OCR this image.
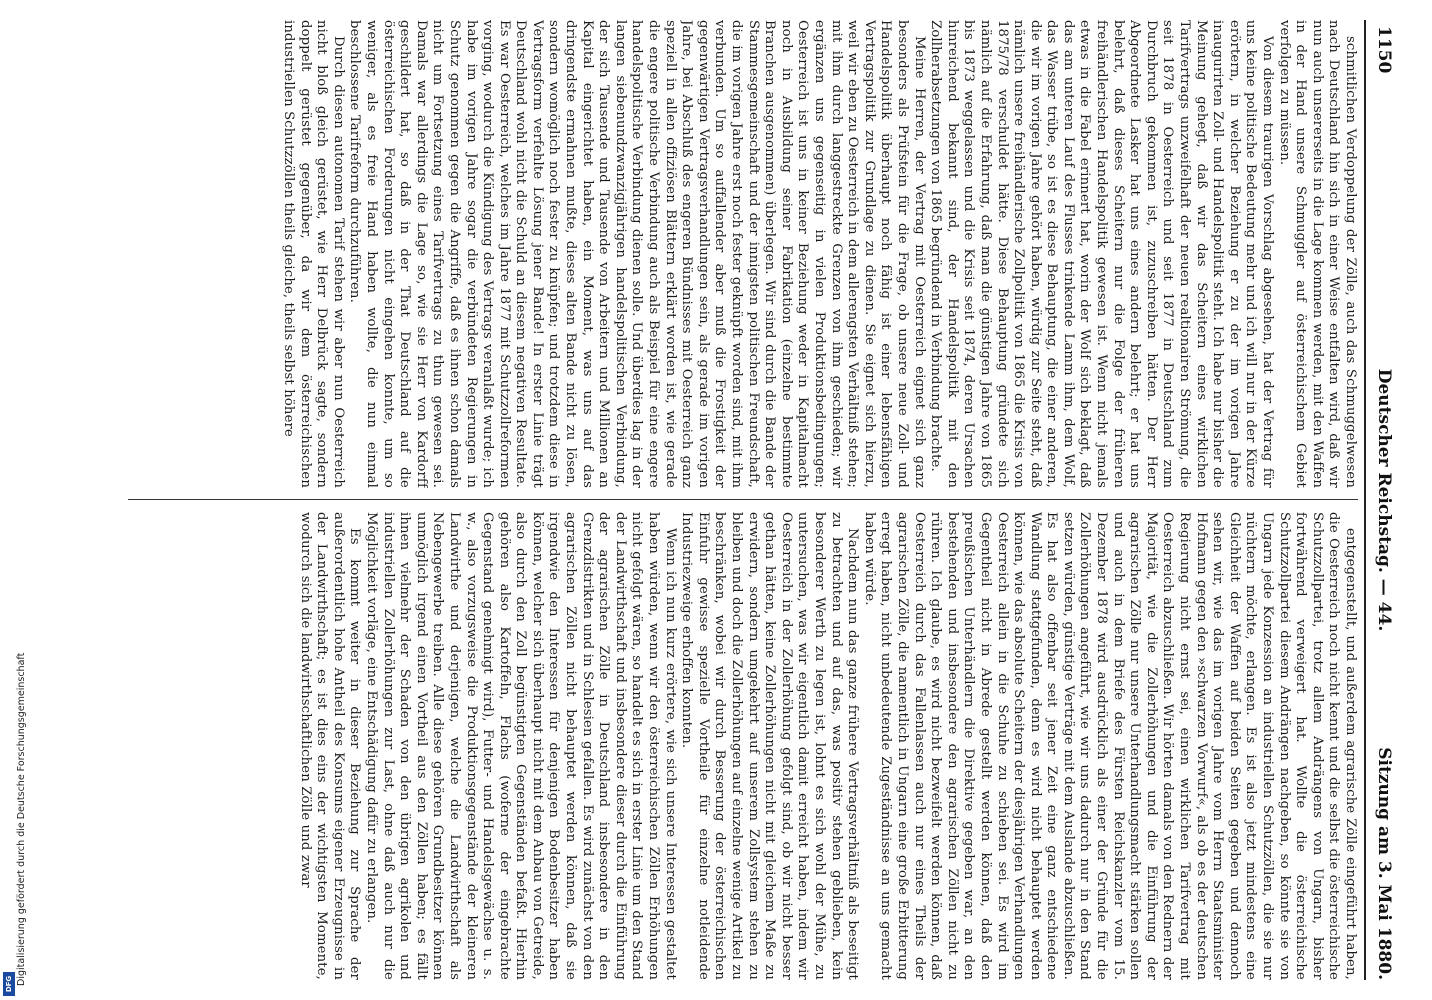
1150
Deutscher Reichstag. — 44.
Sitzung am 3. Mai 1880.

schmitlichen Verdoppelung der Zölle, auch das Schmuggelwesen nach Deutschland hin sich in einer Weise entfalten wird, daß wir nun auch unsererseits in die Lage kommen werden, mit den Waffen in der Hand unsere Schmuggler auf österreichischem Gebiet verfolgen zu müssen.

Von diesem traurigen Vorschlag abgesehen, hat der Vertrag für uns keine politische Bedeutung mehr und ich will nur in der Kürze erörtern, in welcher Beziehung er zu der im vorigen Jahre inaugurirten Zoll- und Handelspolitik steht. Ich habe nur bisher die Meinung gehegt, daß wir das Scheitern eines wirklichen Tarifvertrags unzweifelhaft der neuen realtionairen Strömung, die seit 1878 in Oesterreich und seit 1877 in Deutschland zum Durchbruch gekommen ist, zuzuschreiben hätten. Der Herr Abgeordnete Lasker hat uns eines andern belehrt; er hat uns belehrt, daß dieses Scheitern nur die Folge der früheren freihändlerischen Handelspolitik gewesen ist. Wenn nicht jemals etwas in die Fabel erinnert hat, worin der Wolf sich beklagt, daß das am unteren Lauf des Flusses trinkende Lamm ihm, dem Wolf, das Wasser trübe, so ist es diese Behauptung, die einer anderen, die wir im vorigen Jahre gehört haben, würdig zur Seite steht, daß nämlich unsere freihändlerische Zollpolitik von 1865 die Krisis von 1875/78 verschuldet hätte. Diese Behauptung gründete sich nämlich auf die Erfahrung, daß man die günstigen Jahre von 1865 bis 1873 weggelassen und die Krisis seit 1874, deren Ursachen hinreichend bekannt sind, der Handelspolitik mit den Zollherabsetzungen von 1865 begründend in Verbindung brachte.

Meine Herren, der Vertrag mit Oesterreich eignet sich ganz besonders als Prüfstein für die Frage, ob unsere neue Zoll- und Handelspolitik überhaupt noch fähig ist einer lebensfähigen Vertragspolitik zur Grundlage zu dienen. Sie eignet sich hierzu, weil wir eben zu Oesterreich in dem allerengsten Verhältniß stehen; mit ihm durch langgestreckte Grenzen von ihm geschieden; wir ergänzen uns gegenseitig in vielen Produktionsbedingungen; Oesterreich ist uns in keiner Beziehung weder in Kapitalmacht noch in Ausbildung seiner Fabrikation (einzelne bestimmte Branchen ausgenommen) überlegen. Wir sind durch die Bande der Stammesgemeinschaft und der innigsten politischen Freundschaft, die im vorigen Jahre erst noch fester geknüpft worden sind, mit ihm verbunden. Um so auffallender aber muß die Frostigkeit der gegenwärtigen Vertragsverhandlungen sein, als gerade im vorigen Jahre, bei Abschluß des engeren Bündnisses mit Oesterreich ganz speziell in allen offiziösen Blättern erklärt worden ist, wie gerade die engere politische Verbindung auch als Beispiel für eine engere handelspolitische Verbindung dienen solle. Und überdies lag in der langen siebenundzwanzigjährigen handelspolitischen Verbindung, der sich Tausende und Tausende von Arbeitern und Millionen an Kapital eingerichtet haben, ein Moment, was uns auf das dringendste ermahnen mußte, dieses alten Bande nicht zu lösen, sondern womöglich noch fester zu knüpfen; und trotzdem diese in Vertragsform verfehlte Lösung jener Bande! In erster Linie trägt Deutschland wohl nicht die Schuld an diesem negativen Resultate. Es war Oesterreich, welches im Jahre 1877 mit Schutzzollreformen vorging, wodurch die Kündigung des Vertrags veranlaßt wurde; ich habe im vorigen Jahre sogar die verbündeten Regierungen in Schutz genommen gegen die Angriffe, daß es ihnen schon damals nicht um Fortsetzung eines Tarifvertrags zu thun gewesen sei. Damals war allerdings die Lage so, wie sie Herr von Kardorff geschildert hat, so daß in der That Deutschland auf die österreichischen Forderungen nicht eingehen konnte, um so weniger, als es freie Hand haben wollte, die nun einmal beschlossene Tarifreform durchzuführen.

Durch diesen autonomen Tarif stehen wir aber nun Oesterreich nicht bloß gleich gerüstet, wie Herr Delbrück sagte, sondern doppelt gerüstet gegenüber, da wir dem österreichischen industriellen Schutzzöllen theils gleiche, theils selbst höhere

entgegenstellt, und außerdem agrarische Zölle eingeführt haben, die Oesterreich noch nicht kennt und die selbst die österreichische Schutzzollpartei, trotz allem Andrängens von Ungarn, bisher fortwährend verweigert hat. Wollte die österreichische Schutzzollpartei diesem Andrängen nachgeben, so könnte sie von Ungarn jede Konzession an industriellen Schutzzöllen, die sie nur nüchtern möchte, erlangen. Es ist also jetzt mindestens eine Gleichheit der Waffen auf beiden Seiten gegeben und dennoch sehen wir, wie das im vorigen Jahre vom Herrn Staatsminister Hofmann gegen den »schwarzen Vorwurf«, als ob es der deutschen Regierung nicht ernst sei, einen wirklichen Tarifvertrag mit Oesterreich abzuschließen. Wir hörten damals von den Rednern der Majorität, wie die Zollerhöhungen und die Einführung der agrarischen Zölle nur unsere Unterhandlungsmacht stärken sollen und auch in dem Briefe des Fürsten Reichskanzler vom 15. Dezember 1878 wird ausdrücklich als einer der Gründe für die Zollerhöhungen angeführt, wie wir uns dadurch nur in den Stand setzen würden, günstige Verträge mit dem Auslande abzuschließen. Es hat also offenbar seit jener Zeit eine ganz entschiedene Wandlung stattgefunden, denn es wird nicht behauptet werden können, wie das absolute Scheitern der diesjährigen Verhandlungen Oesterreich allein in die Schuhe zu schieben sei. Es wird im Gegentheil nicht in Abrede gestellt werden können, daß den preußischen Unterhändlern die Direktive gegeben war, an den bestehenden und insbesondere den agrarischen Zöllen nicht zu rühren. Ich glaube, es wird nicht bezweifelt werden können, daß Oesterreich durch das Fallenlassen auch nur eines Theils der agrarischen Zölle, die namentlich in Ungarn eine große Erbitterung erregt haben, nicht unbedeutende Zugeständnisse an uns gemacht haben würde.

Nachdem nun das ganze frühere Vertragsverhältniß als beseitigt zu betrachten und auf das, was positiv stehen geblieben, kein besonderer Werth zu legen ist, lohnt es sich wohl der Mühe, zu untersuchen, was wir eigentlich damit erreicht haben, indem wir Oesterreich in der Zollerhöhung gefolgt sind, ob wir nicht besser gethan hätten, keine Zollerhöhungen nicht mit gleichem Maße zu erwidern, sondern umgekehrt auf unserem Zollsystem stehen zu bleiben und doch die Zollerhöhungen auf einzelne wenige Artikel zu beschränken, wobei wir durch Besserung der österreichischen Einfuhr gewisse spezielle Vortheile für einzelne notleidende Industriezweige erhoffen konnten.

Wenn ich nun kurz erörtere, wie sich unsere Interessen gestaltet haben würden, wenn wir den österreichischen Zöllen Erhöhungen nicht gefolgt wären, so handelt es sich in erster Linie um den Stand der Landwirthschaft und insbesondere dieser durch die Einführung der agrarischen Zölle in Deutschland insbesondere in den Grenzdistrikten und in Schlesien gefallen. Es wird zunächst von den agrarischen Zöllen nicht behauptet werden können, daß sie irgendwie den Interessen für denjenigen Bodenbesitzer haben können, welcher sich überhaupt nicht mit dem Anbau von Getreide, also durch den Zoll begünstigten Gegenständen befaßt. Hierhin gehören also Kartoffeln, Flachs (woferne der eingebrachte Gegenstand genehmigt wird), Futter- und Handelsgewächse u. s. w., also vorzugsweise die Produktionsgegenstände der kleineren Landwirthe und derjenigen, welche die Landwirthschaft als Nebengewerbe treiben. Alle diese gehören Grundbesitzer können unmöglich irgend einen Vortheil aus den Zöllen haben; es fällt ihnen vielmehr der Schaden von den übrigen agrikolen und industriellen Zollerhöhungen zur Last, ohne daß auch nur die Möglichkeit vorläge, eine Entschädigung dafür zu erlangen.

Es kommt weiter in dieser Beziehung zur Sprache der außerordentlich hohe Antheil des Konsums eigener Erzeugnisse in der Landwirthschaft; es ist dies eins der wichtigsten Momente, wodurch sich die landwirthschaftlichen Zölle und zwar

Digitalisierung gefördert durch die Deutsche Forschungsgemeinschaft
DFG
